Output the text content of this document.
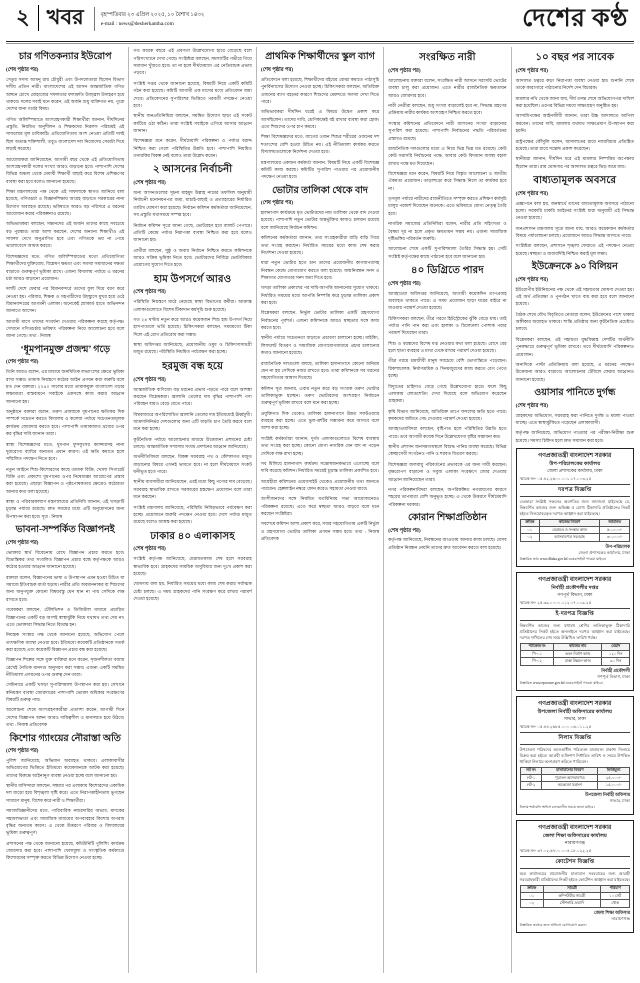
২ খবর	বৃহস্পতিবার ২৩ এপ্রিল ২০২৫, ১০ বৈশাখ ১৪৩২
e-mail : news@desherkantha.com	দেশের কণ্ঠ
চার গণিতকন্যার ইউরোপ
(শেষ পৃষ্ঠার পর)

সেতুর সদস্য আমনু রায় চৌধুরী এবং উপদলেতারা ছিলেন বিভাগ দলীয় প্রতিন নারী। বাংলাদেশের এই আসন আন্তর্জাতিক গণিত অঙ্গনে চোখে মোহাজের সফলতার ফলশ্রুতি উজ্জ্বল উদাহরণ হয়ে থাকবে। দলের সবাই মনে করেন, এই অর্জন শুধু ব্যক্তিগত নয়, পুরো দেশের জন্য গর্বের বিষয়।

গণিত অলিম্পিয়াডে অংশগ্রহণকারী শিক্ষার্থীরা জানান, দীর্ঘদিনের প্রস্তুতি, নিয়মিত অনুশীলন ও শিক্ষকদের নিরলস পরিশ্রমই এই সাফল্যের মূল চাবিকাঠি। প্রতিযোগিতায় অংশ নেওয়া প্রতিটি দলই ছিল অত্যন্ত শক্তিশালী, তবুও বাংলাদেশ দল নিজেদের সেরাটা দিয়ে লড়াই করেছে।

আয়োজকরা জানিয়েছেন, আগামী বছর থেকে এই প্রতিযোগিতায় অংশগ্রহণকারী দলের সংখ্যা আরও বাড়ানো হবে। পাশাপাশি দেশের বিভিন্ন অঞ্চল থেকে মেধাবী শিক্ষার্থী বাছাই করে বিশেষ প্রশিক্ষণের ব্যবস্থা করা হবে বলেও জানানো হয়েছে।

শিক্ষা মন্ত্রণালয়ের পক্ষ থেকে এই সাফল্যকে স্বাগত জানিয়ে বলা হয়েছে, গণিতচর্চা ও বিজ্ঞানশিক্ষায় আগ্রহ বাড়াতে সরকারের নানা উদ্যোগ অব্যাহত রয়েছে। ভবিষ্যতে আরও বড় পরিসরে এ ধরনের আয়োজন করার পরিকল্পনাও রয়েছে।

অভিভাবকরা বলছেন, সন্তানদের এই অর্জন তাদের কাছে সবচেয়ে বড় পুরস্কার। তারা আশা করছেন, দেশের অন্যান্য শিক্ষার্থীও এই সাফল্য দেখে অনুপ্রাণিত হবে এবং গণিতকে ভয় না পেয়ে ভালোবেসে আয়ত্ত করবে।

বিশেষজ্ঞদের মতে, গণিত অলিম্পিয়াডের মতো প্রতিযোগিতা শিক্ষার্থীদের যুক্তিবোধ, বিশ্লেষণ ক্ষমতা এবং সমস্যা সমাধানের দক্ষতা বাড়াতে গুরুত্বপূর্ণ ভূমিকা রাখে। এজন্য বিদ্যালয় পর্যায়ে এ ধরনের চর্চা আরও বাড়ানো প্রয়োজন।

দলটি দেশে ফেরার পর বিমানবন্দরে তাদের ফুল দিয়ে বরণ করে নেওয়া হয়। পরিবার, শিক্ষক ও সহপাঠীদের উচ্ছ্বাসে মুখর হয়ে ওঠে বিমানবন্দরের আগমনী এলাকা। অনেকেই প্ল্যাকার্ড হাতে অভিনন্দন জানাতে আসেন।

আগামী মাসে তাদের সংবর্ধনা দেওয়ার পরিকল্পনা করছে কর্তৃপক্ষ। সেখানে গণিতচর্চার ভবিষ্যৎ পরিকল্পনা নিয়ে আলোচনা হবে বলে জানা গেছে। তথ্য : নিজস্ব

‘ধূমপানমুক্ত প্রজন্ম’ গড়ে
(শেষ পৃষ্ঠার পর)

তিনি আরও বলেন, এর মাধ্যমে জনমিতিক লভ্যাংশের ক্ষেত্রে ভূমিকা রাখা সম্ভব। তামাক নিয়ন্ত্রণে কঠোর আইন প্রণয়ন করা জরুরি বলে মত দেন বক্তারা। ২০৪০ সালের মধ্যে তামাকমুক্ত বাংলাদেশ গড়ার লক্ষ্যমাত্রা বাস্তবায়নে সবাইকে একসঙ্গে কাজ করার আহ্বান জানানো হয়।

অনুষ্ঠানে বক্তারা বলেন, তরুণ প্রজন্মকে ধূমপানের ক্ষতিকর দিক সম্পর্কে সচেতন করতে বিদ্যালয় ও কলেজ পর্যায়ে সচেতনতামূলক কার্যক্রম জোরদার করতে হবে। পাশাপাশি তামাকজাত দ্রব্যের ওপর কর বৃদ্ধির দাবি জানান তারা।

স্বাস্থ্য বিশেষজ্ঞদের মতে, ধূমপান ফুসফুসের ক্যান্সারসহ নানা দুরারোগ্য ব্যাধির অন্যতম প্রধান কারণ। এই ক্ষতি কমাতে হলে সম্মিলিত পদক্ষেপ নিতে হবে।

নতুন আইনে শিশু-কিশোরদের কাছে তামাক বিক্রি, খোলা সিগারেট বিক্রি এবং প্রকাশ্যে ধূমপানের ওপর নিষেধাজ্ঞা আরোপের প্রস্তাব করা হয়েছে। এছাড়া বিজ্ঞাপন ও পৃষ্ঠপোষকতার ক্ষেত্রেও কঠোরতা আনার কথা বলা হয়েছে।

স্বাস্থ্য ও পরিবারকল্যাণ মন্ত্রণালয়ের প্রতিনিধি জানান, এই খসড়াটি চূড়ান্ত পর্যায়ে রয়েছে। দ্রুত সময়ের মধ্যে এটি অনুমোদনের জন্য উপস্থাপন করা হবে। সূত্র : নিজস্ব

ভাবনা-সম্পর্কিত বিজ্ঞাপনই
(শেষ পৃষ্ঠার পর)

ভোক্তার স্বার্থ বিবেচনায় রেখে বিজ্ঞাপন প্রচার করতে হবে। বিভ্রান্তিকর তথ্য সংবলিত বিজ্ঞাপন প্রচার বন্ধে কর্তৃপক্ষকে আরও কঠোর হওয়ার আহ্বান জানানো হয়েছে।

বক্তারা বলেন, বিজ্ঞাপনের ভাষা ও উপস্থাপন এমন হওয়া উচিত যা সমাজে ইতিবাচক বার্তা ছড়ায়। নারীর প্রতি অবমাননাকর বা শিশুদের জন্য অনুপযুক্ত কোনো বিষয়বস্তু যেন স্থান না পায় সেদিকে লক্ষ রাখতে হবে।

গবেষকরা বলছেন, টেলিভিশন ও ডিজিটাল মাধ্যমে প্রচারিত বিজ্ঞাপনের একটি বড় অংশই স্বাস্থ্যঝুঁকি নিয়ে যথাযথ তথ্য দেয় না। এতে ভোক্তারা সিদ্ধান্ত নিতে বিভ্রান্ত হন।

নিয়ন্ত্রক সংস্থার পক্ষ থেকে জানানো হয়েছে, অভিযোগ পেলে তাৎক্ষণিক ব্যবস্থা নেওয়া হবে। ইতিমধ্যে কয়েকটি প্রতিষ্ঠানকে সতর্ক করা হয়েছে এবং কয়েকটি বিজ্ঞাপন প্রচার বন্ধ করা হয়েছে।

বিজ্ঞাপন শিল্পের সঙ্গে যুক্ত ব্যক্তিরা মনে করেন, সৃজনশীলতা বজায় রেখেই নৈতিক মানদণ্ড অনুসরণ করা সম্ভব। এজন্য একটি সমন্বিত নীতিমালা প্রণয়নের ওপর গুরুত্ব দেন তারা।

সেমিনারে একটি খসড়া সুপারিশমালা উপস্থাপন করা হয়। সেখানে স্বনিয়ন্ত্রণ ব্যবস্থা জোরদারের পাশাপাশি ভোক্তা অধিকার সংরক্ষণের বিষয়টি গুরুত্ব পায়।

আলোচনা শেষে অংশগ্রহণকারীরা প্রত্যাশা করেন, আগামী দিনে দেশের বিজ্ঞাপন অঙ্গন আরও দায়িত্বশীল ও মানসম্মত হয়ে উঠবে। তথ্য : নিজস্ব প্রতিবেদক

কিশোর গ্যাংয়ের নৌরাস্তা অতি
(শেষ পৃষ্ঠার পর)

পুলিশ জানিয়েছে, অভিযান অব্যাহত থাকবে। এলাকাবাসীর অভিযোগের ভিত্তিতে ইতিমধ্যে কয়েকজনকে আটক করা হয়েছে। তাদের বিরুদ্ধে আইনানুগ ব্যবস্থা নেওয়া হচ্ছে বলে জানানো হয়।

স্থানীয় বাসিন্দারা বলছেন, সন্ধ্যার পর এলাকায় কিশোরদের একাধিক দল জড়ো হয়ে বিশৃঙ্খলা সৃষ্টি করে। এতে নিরাপত্তাহীনতায় ভুগছেন সাধারণ মানুষ, বিশেষ করে নারী ও শিক্ষার্থীরা।

সমাজবিজ্ঞানীদের মতে, পারিবারিক নজরদারির অভাব, মাদকের সহজলভ্যতা এবং সামাজিক মাধ্যমের অপব্যবহার কিশোর অপরাধ বৃদ্ধির অন্যতম কারণ। এ থেকে উত্তরণে পরিবার ও বিদ্যালয়ের ভূমিকা গুরুত্বপূর্ণ।

প্রশাসনের পক্ষ থেকে জানানো হয়েছে, কমিউনিটি পুলিশিং কার্যক্রম জোরদার করা হবে। পাশাপাশি খেলাধুলা ও সাংস্কৃতিক কর্মকাণ্ডে কিশোরদের সম্পৃক্ত করতে বিভিন্ন উদ্যোগ নেওয়া হচ্ছে।

গত কয়েক বছরে এই প্রবণতা উল্লেখযোগ্য হারে বেড়েছে বলে পরিসংখ্যানে দেখা গেছে। সংশ্লিষ্টরা বলছেন, সমস্যাটির গভীরে গিয়ে সমাধান খুঁজতে হবে। তা না হলে দীর্ঘমেয়াদে এর নেতিবাচক প্রভাব পড়বে।

সংশ্লিষ্ট দপ্তর থেকে জানানো হয়েছে, বিষয়টি নিয়ে একটি কমিটি গঠন করা হয়েছে। কমিটি আগামী এক মাসের মধ্যে প্রতিবেদন জমা দেবে। প্রতিবেদনের সুপারিশের ভিত্তিতে পরবর্তী পদক্ষেপ নেওয়া হবে।

স্থানীয় জনপ্রতিনিধিরা বলছেন, সমন্বিত উদ্যোগ ছাড়া এই সংকট কাটিয়ে ওঠা কঠিন। তারা সংশ্লিষ্ট সবাইকে এগিয়ে আসার আহ্বান জানান।

বিশেষজ্ঞরা মনে করেন, দীর্ঘমেয়াদি পরিকল্পনা ও পর্যাপ্ত বরাদ্দ নিশ্চিত করা গেলে পরিস্থিতির উন্নতি হবে। পাশাপাশি নিয়মিত তদারকির বিকল্প নেই বলেও তারা উল্লেখ করেন।

২ আসনের নির্বাচনী
(শেষ পৃষ্ঠার পর)

অন্য আসনগুলোর সূচনা মাহমুদ উল্লাহ নামের তফসিল অনুযায়ী নির্বাচনী মনোনয়নপত্র জমা, যাচাই-বাছাই ও প্রত্যাহারের নির্ধারিত তারিখ ঘোষণা করা হয়েছে। নির্বাচন কমিশন কর্মকর্তারা জানিয়েছেন, সব প্রস্তুতি যথাসময়ে সম্পন্ন হবে।

নির্বাচন কমিশন সূত্রে জানা গেছে, ভোটগ্রহণ হবে ব্যালট পেপারে। প্রতিটি কেন্দ্রে পর্যাপ্ত নিরাপত্তা ব্যবস্থা নিশ্চিত করা হবে বলেও জানানো হয়।

প্রার্থীরা বলছেন, সুষ্ঠু ও অবাধ নির্বাচন নিশ্চিত করতে কমিশনকে আরও সক্রিয় ভূমিকা নিতে হবে। ভোটারদের নির্বিঘ্নে ভোটাধিকার প্রয়োগের সুযোগ দিতে হবে।

হাম উপসর্গে আরও
(শেষ পৃষ্ঠার পর)

পরিস্থিতি নিয়ন্ত্রণে মাঠে নেমেছে স্বাস্থ্য বিভাগের কর্মীরা। আক্রান্ত এলাকাগুলোতে বিশেষ টিকাদান কর্মসূচি শুরু হয়েছে।

গত ২৪ ঘণ্টায় নতুন করে আরও কয়েকজন শিশু হাম উপসর্গ নিয়ে হাসপাতালে ভর্তি হয়েছে। চিকিৎসকরা বলছেন, সময়মতো টিকা দিলে এই রোগ প্রতিরোধ করা সম্ভব।

স্বাস্থ্য অধিদপ্তর জানিয়েছে, প্রয়োজনীয় ওষুধ ও চিকিৎসাসামগ্রী মজুত রয়েছে। পরিস্থিতি নিয়মিত পর্যবেক্ষণ করা হচ্ছে।

হরমুজ বন্ধ হয়ে
(শেষ পৃষ্ঠার পর)

আন্তর্জাতিক বাণিজ্যে বড় ধরনের প্রভাব পড়তে পারে বলে আশঙ্কা করছেন বিশ্লেষকরা। জ্বালানি তেলের দাম বৃদ্ধির পাশাপাশি পণ্য পরিবহন ব্যয়ও বেড়ে যেতে পারে।

বিশ্ববাজারে অপরিশোধিত জ্বালানি তেলের দাম ইতিমধ্যেই ঊর্ধ্বমুখী। আমদানিনির্ভর দেশগুলোর জন্য এটি বাড়তি চাপ তৈরি করবে বলে মনে করা হচ্ছে।

কূটনৈতিক পর্যায়ে আলোচনার মাধ্যমে উত্তেজনা প্রশমনের চেষ্টা চলছে। আন্তর্জাতিক সম্প্রদায় সংযম প্রদর্শনের আহ্বান জানিয়েছে।

অর্থনীতিবিদরা বলছেন, বিকল্প সরবরাহ পথ ও কৌশলগত মজুত বাড়ানোর বিষয়ে এখনই ভাবতে হবে। না হলে দীর্ঘমেয়াদে সংকট ঘনীভূত হতে পারে।

স্থানীয় ব্যবসায়ীরা জানিয়েছেন, এরই মধ্যে কিছু পণ্যের দাম বেড়েছে। সরবরাহ স্বাভাবিক রাখতে সরকারের হস্তক্ষেপ প্রয়োজন বলে তারা মনে করছেন।

সংশ্লিষ্ট মন্ত্রণালয় জানিয়েছে, পরিস্থিতি নিবিড়ভাবে পর্যবেক্ষণ করা হচ্ছে। প্রয়োজনে জরুরি পদক্ষেপ নেওয়া হবে। দেশে পর্যাপ্ত মজুত রয়েছে বলেও আশ্বস্ত করা হয়েছে।

ঢাকার ৪০ এলাকাসহ
(শেষ পৃষ্ঠার পর)

সংশ্লিষ্ট কর্তৃপক্ষ জানিয়েছে, মেরামতকাজ শেষ হলে সরবরাহ স্বাভাবিক হবে। গ্রাহকদের সাময়িক অসুবিধার জন্য দুঃখ প্রকাশ করা হয়েছে।

ঘোষণায় বলা হয়, নির্ধারিত সময়ের মধ্যে কাজ শেষ করার সর্বাত্মক চেষ্টা চলছে। এ সময় গ্রাহকদের পানি সংরক্ষণ করে রাখার পরামর্শ দেওয়া হয়েছে।

প্রাথমিক শিক্ষার্থীদের স্কুল ব্যাগ
(শেষ পৃষ্ঠার পর)

প্রতিবেদনে বলা হয়েছে, শিক্ষার্থীদের বইয়ের বোঝা কমাতে পাঠ্যসূচি পুনর্বিন্যাসের উদ্যোগ নেওয়া হচ্ছে। চিকিৎসকরা বলছেন, অতিরিক্ত ওজনের ব্যাগ বহনের কারণে শিশুদের মেরুদণ্ডে সমস্যা দেখা দিতে পারে।

অভিভাবকরা দীর্ঘদিন ধরেই এ বিষয়ে উদ্বেগ প্রকাশ করে আসছিলেন। তাদের দাবি, শ্রেণিকক্ষেই বই রাখার ব্যবস্থা করা হোক। এতে শিশুদের ওপর চাপ কমবে।

শিক্ষা বিশেষজ্ঞদের মতে, ব্যাগের ওজন শিশুর শরীরের ওজনের দশ শতাংশের বেশি হওয়া উচিত নয়। এই নীতিমালা কার্যকর করতে বিদ্যালয়গুলোকে নির্দেশনা দেওয়া হবে।

মন্ত্রণালয়ের একজন কর্মকর্তা জানান, বিষয়টি নিয়ে একটি বিশেষজ্ঞ কমিটি কাজ করছে। কমিটির সুপারিশ পাওয়ার পর প্রয়োজনীয় পদক্ষেপ নেওয়া হবে।

ভোটার তালিকা থেকে বাদ
(শেষ পৃষ্ঠার পর)

হালনাগাদ কার্যক্রমে মৃত ভোটারদের নাম তালিকা থেকে বাদ দেওয়া হয়েছে। পাশাপাশি নতুন ভোটার অন্তর্ভুক্তির কাজও চলমান রয়েছে বলে জানিয়েছে নির্বাচন কমিশন।

কমিশনের কর্মকর্তারা জানান, তথ্য সংগ্রহকারীরা বাড়ি বাড়ি গিয়ে তথ্য সংগ্রহ করছেন। নির্ধারিত সময়ের মধ্যে কাজ শেষ করার নির্দেশনা দেওয়া হয়েছে।

যারা নতুন ভোটার হতে চান তাদের প্রয়োজনীয় কাগজপত্রসহ নিবন্ধন কেন্দ্রে যোগাযোগ করতে বলা হয়েছে। জন্মনিবন্ধন সনদ ও শিক্ষাগত যোগ্যতার সনদ জমা দিতে হবে।

খসড়া তালিকা প্রকাশের পর দাবি-আপত্তি জানানোর সুযোগ থাকবে। নির্ধারিত সময়ের মধ্যে আপত্তি নিষ্পত্তি করে চূড়ান্ত তালিকা প্রকাশ করা হবে।

বিশ্লেষকরা বলছেন, নির্ভুল ভোটার তালিকা একটি গ্রহণযোগ্য নির্বাচনের পূর্বশর্ত। এজন্য কমিশনকে আরও স্বচ্ছতার সঙ্গে কাজ করতে হবে।

স্থানীয় পর্যায়ে সচেতনতা বাড়াতে প্রচারণা চালানো হচ্ছে। মাইকিং, লিফলেট বিতরণ ও সামাজিক যোগাযোগমাধ্যমে প্রচার চালানোর কথাও জানানো হয়েছে।

রাজনৈতিক দলগুলো বলছে, তালিকা হালনাগাদে কোনো অনিয়ম যেন না হয় সেদিকে নজর রাখতে হবে। তারা কমিশনকে সব ধরনের সহযোগিতার আশ্বাস দিয়েছে।

কমিশন সূত্র জানায়, এবার নতুন করে বড় সংখ্যক তরুণ ভোটার তালিকাভুক্ত হচ্ছেন। তরুণ ভোটারদের অংশগ্রহণ নির্বাচনে গুরুত্বপূর্ণ ভূমিকা রাখবে বলে মনে করা হচ্ছে।

প্রযুক্তিগত দিক থেকেও তালিকা হালনাগাদে উন্নত সফটওয়্যার ব্যবহার করা হচ্ছে। এতে ভুল-ত্রুটির সম্ভাবনা কমে আসবে বলে আশা করা হচ্ছে।

সংশ্লিষ্ট কর্মকর্তারা জানান, দুর্গম এলাকাগুলোতে বিশেষ ব্যবস্থায় তথ্য সংগ্রহ করা হচ্ছে। কোনো যোগ্য নাগরিক যেন বাদ না পড়েন সেদিকে লক্ষ রাখা হচ্ছে।

সব মিলিয়ে হালনাগাদ কার্যক্রম সন্তোষজনকভাবে এগোচ্ছে বলে দাবি করেছে কমিশন। নির্ধারিত সময়েই চূড়ান্ত তালিকা প্রকাশিত হবে।

আগ্রহীরা কমিশনের ওয়েবসাইট থেকেও প্রয়োজনীয় তথ্য জানতে পারবেন। হেল্পলাইন নম্বরে ফোন করেও সহায়তা নেওয়া যাবে।

অংশীজনদের সঙ্গে নিয়মিত মতবিনিময় সভা আয়োজনেরও পরিকল্পনা রয়েছে। এতে করে স্বচ্ছতা আরও বাড়বে বলে মনে করছেন সংশ্লিষ্টরা।

সবশেষে কমিশন আশা প্রকাশ করে, সবার সহযোগিতায় একটি নির্ভুল ও গ্রহণযোগ্য ভোটার তালিকা প্রণয়ন সম্ভব হবে। তথ্য : নিজস্ব প্রতিবেদক

সংরক্ষিত নারী
(শেষ পৃষ্ঠার পর)

আলোচনায় বক্তারা বলেন, সংরক্ষিত নারী আসনে সরাসরি ভোটের ব্যবস্থা চালু করা প্রয়োজন। এতে নারীর রাজনৈতিক ক্ষমতায়ন আরও জোরদার হবে।

নারী নেত্রীরা বলছেন, শুধু সংখ্যা বাড়ালেই হবে না, সিদ্ধান্ত গ্রহণের প্রক্রিয়ায় নারীর কার্যকর অংশগ্রহণ নিশ্চিত করতে হবে।

সংস্কার কমিশনের প্রতিবেদনে নারী আসনের সংখ্যা বাড়ানোর সুপারিশ করা হয়েছে। পাশাপাশি নির্বাচনের পদ্ধতি পরিবর্তনের প্রস্তাবও রয়েছে।

রাজনৈতিক দলগুলোর মধ্যে এ নিয়ে ভিন্ন ভিন্ন মত রয়েছে। কেউ কেউ সরাসরি নির্বাচনের পক্ষে, আবার কেউ বিদ্যমান ব্যবস্থা বহাল রাখার পক্ষে মত দিয়েছেন।

বিশেষজ্ঞরা মনে করেন, বিষয়টি নিয়ে বিস্তৃত আলোচনা ও জাতীয় ঐকমত্য প্রয়োজন। তাড়াহুড়ো করে সিদ্ধান্ত নিলে তা কার্যকর হবে না।

তৃণমূল পর্যায়ে নারীদের রাজনীতিতে সম্পৃক্ত করতে প্রশিক্ষণ কর্মসূচি চালুর পরামর্শ দিয়েছেন অনেকে। এতে ভবিষ্যতে যোগ্য নেতৃত্ব তৈরি হবে।

নাগরিক সমাজের প্রতিনিধিরা বলেন, নারীর প্রতি সহিংসতা ও বৈষম্য দূর না হলে প্রকৃত ক্ষমতায়ন সম্ভব নয়। এজন্য সামাজিক দৃষ্টিভঙ্গির পরিবর্তন জরুরি।

আলোচনা শেষে একটি সুপারিশমালা তৈরির সিদ্ধান্ত হয়। সেটি সংশ্লিষ্ট কর্তৃপক্ষের কাছে পাঠানো হবে বলে জানানো হয়।

৪০ ডিগ্রিতে পারদ
(শেষ পৃষ্ঠার পর)

আবহাওয়া অধিদপ্তর জানিয়েছে, আগামী কয়েকদিন তাপপ্রবাহ অব্যাহত থাকতে পারে। এ সময় প্রয়োজন ছাড়া ঘরের বাইরে না যাওয়ার পরামর্শ দেওয়া হয়েছে।

চিকিৎসকরা বলছেন, তীব্র গরমে হিটস্ট্রোকের ঝুঁকি বেড়ে যায়। তাই পর্যাপ্ত পানি পান করা এবং হালকা ও ঢিলেঢালা পোশাক পরার পরামর্শ দিয়েছেন তারা।

শিশু ও বয়স্কদের বিশেষ যত্ন নেওয়ার কথা বলা হয়েছে। রোদে বের হলে ছাতা ব্যবহার ও মাথা ঢেকে রাখার পরামর্শ দেওয়া হয়েছে।

তীব্র গরমে শ্রমজীবী মানুষ সবচেয়ে বেশি ভোগান্তিতে পড়েছেন। রিকশাচালক, নির্মাণশ্রমিক ও দিনমজুরদের কাজ করতে বেগ পেতে হচ্ছে।

বিদ্যুতের চাহিদাও বেড়ে গেছে উল্লেখযোগ্য হারে। ফলে কিছু এলাকায় লোডশেডিং দেখা দিয়েছে বলে অভিযোগ করেছেন গ্রাহকরা।

কৃষি বিভাগ জানিয়েছে, অতিরিক্ত তাপে ফসলের ক্ষতি হতে পারে। কৃষকদের জমিতে সেচ দেওয়ার পরামর্শ দেওয়া হয়েছে।

আবহাওয়াবিদরা বলছেন, বৃষ্টিপাত হলে পরিস্থিতির উন্নতি হতে পারে। তবে আগামী কয়েক দিনে উল্লেখযোগ্য বৃষ্টির সম্ভাবনা কম।

স্থানীয় প্রশাসন জনসমাগমস্থলে বিশুদ্ধ পানির ব্যবস্থা করেছে। বিভিন্ন স্বেচ্ছাসেবী সংগঠনও পানি ও শরবত বিতরণ করছে।

বিশেষজ্ঞরা জলবায়ু পরিবর্তনের প্রভাবকে এর জন্য দায়ী করছেন। বৃক্ষরোপণ বাড়ানো ও সবুজ এলাকা সংরক্ষণে জোর দেওয়ার আহ্বান জানিয়েছেন তারা।

নগর পরিকল্পনাবিদরা বলছেন, অপরিকল্পিত নগরায়ণের কারণে শহরের তাপমাত্রা বেশি অনুভূত হচ্ছে। এ থেকে উত্তরণে দীর্ঘমেয়াদি পরিকল্পনা দরকার।

কোরান শিক্ষাপ্রতিষ্ঠান
(শেষ পৃষ্ঠার পর)

কর্তৃপক্ষ জানিয়েছে, নিবন্ধনের আওতায় আনার কাজ চলছে। যেসব প্রতিষ্ঠান নিবন্ধন নেয়নি তাদের দ্রুত আবেদন করতে বলা হয়েছে।

১০ বছর পর সাবেক
(শেষ পৃষ্ঠার পর)

আদালত চত্বরে কড়া নিরাপত্তা ব্যবস্থা নেওয়া হয়। শুনানি শেষে তাকে কারাগারে পাঠানোর নির্দেশ দেন বিচারক।

মামলার নথি থেকে জানা যায়, দীর্ঘ তদন্ত শেষে অভিযোগপত্র দাখিল করা হয়েছিল। এরপর বিভিন্ন সময়ে সাক্ষ্যগ্রহণ অনুষ্ঠিত হয়।

আসামিপক্ষের আইনজীবী জানান, তারা উচ্চ আদালতে আপিল করবেন। তাদের দাবি, মামলায় যথাযথ সাক্ষ্যপ্রমাণ উপস্থাপন করা হয়নি।

রাষ্ট্রপক্ষের কৌঁসুলি বলেন, আদালতের রায়ে ন্যায়বিচার প্রতিষ্ঠিত হয়েছে। তারা রায়ে সন্তোষ প্রকাশ করেছেন।

স্থানীয়রা জানান, দীর্ঘদিন ধরে এই মামলার নিষ্পত্তির অপেক্ষায় ছিলেন তারা। রায় ঘোষণার পর আদালত চত্বরে ভিড় জমে যায়।

বাধ্যতামূলক অবসরে
(শেষ পৃষ্ঠার পর)

প্রজ্ঞাপনে বলা হয়, জনস্বার্থে তাদের বাধ্যতামূলক অবসরে পাঠানো হলো। সরকারি চাকরি আইনের সংশ্লিষ্ট ধারা অনুযায়ী এই সিদ্ধান্ত নেওয়া হয়েছে।

জনপ্রশাসন মন্ত্রণালয় সূত্রে জানা যায়, আরও কয়েকজন কর্মকর্তার বিষয়ে পর্যালোচনা চলছে। প্রয়োজনে আরও সিদ্ধান্ত আসতে পারে।

সংশ্লিষ্টরা বলছেন, প্রশাসনে শৃঙ্খলা ফেরাতে এই পদক্ষেপ নেওয়া হয়েছে। স্বচ্ছতা ও জবাবদিহি নিশ্চিত করাই মূল লক্ষ্য।

ইউক্রেনকে ৯০ বিলিয়ন
(শেষ পৃষ্ঠার পর)

ইউরোপীয় ইউনিয়নের পক্ষ থেকে এই সহায়তার ঘোষণা দেওয়া হয়। এই অর্থ প্রতিরক্ষা ও পুনর্গঠন খাতে ব্যয় করা হবে বলে জানানো হয়েছে।

বৈঠক শেষে যৌথ বিবৃতিতে নেতারা বলেন, ইউক্রেনের পাশে থাকার অঙ্গীকার অব্যাহত থাকবে। শান্তি প্রতিষ্ঠার জন্য কূটনৈতিক প্রচেষ্টাও চলবে।

বিশ্লেষকরা বলছেন, এই সহায়তা যুদ্ধবিধ্বস্ত দেশটির অর্থনীতি পুনরুদ্ধারে গুরুত্বপূর্ণ ভূমিকা রাখবে। তবে দীর্ঘমেয়াদি পরিকল্পনাও প্রয়োজন।

অন্যদিকে পাল্টা প্রতিক্রিয়ায় বলা হয়েছে, এ ধরনের পদক্ষেপ উত্তেজনা আরও বাড়াবে। আলোচনার টেবিলে ফেরার আহ্বানও জানানো হয়েছে।

ওয়াসার পানিতে দুর্গন্ধ
(শেষ পৃষ্ঠার পর)

গ্রাহকদের অভিযোগ, সরবরাহ করা পানিতে দুর্গন্ধ ও ময়লা পাওয়া যাচ্ছে। এতে স্বাস্থ্যঝুঁকিতে পড়েছেন এলাকাবাসী।

কর্তৃপক্ষ জানিয়েছে, অভিযোগ পাওয়ার পর পরীক্ষা-নিরীক্ষা শুরু হয়েছে। সমস্যা চিহ্নিত হলে দ্রুত সমাধান করা হবে।

গণপ্রজাতন্ত্রী বাংলাদেশ সরকার
উপ-পরিচালকের কার্যালয়
জেলা প্রশাসকের কার্যালয়, ঢাকা
স্মারক নং- ০৫.৪২.২৬০০.০০১.১৭.০০৩.২৫
দরপত্র বিজ্ঞপ্তি
এতদ্বারা সংশ্লিষ্ট সকলের অবগতির জন্য জানানো যাইতেছে যে, নিম্নবর্ণিত কাজের জন্য অভিজ্ঞ ও যোগ্য ঠিকাদারি প্রতিষ্ঠানের নিকট হইতে সিলমোহরকৃত দরপত্র আহ্বান করা যাইতেছে।
ক্রমিক	কাজের বিবরণ	জামানত
০১	মেরামত ও সংস্কার কাজ	৫০,০০০/-
০২	আসবাবপত্র সরবরাহ	৩০,০০০/-
উপ-পরিচালক
জেলা প্রশাসকের কার্যালয়, ঢাকা
বিস্তারিত তথ্য www.dhaka.gov.bd ওয়েবসাইটে পাওয়া যাইবে।
গণপ্রজাতন্ত্রী বাংলাদেশ সরকার
নির্বাহী প্রকৌশলীর দপ্তর
গণপূর্ত বিভাগ, ঢাকা
স্মারক নং- ২৫.৩৯.০০০০.০১২.০৭.০০৯.২৫
ই-দরপত্র বিজ্ঞপ্তি
নিম্নবর্ণিত কাজের জন্য যথাযথ শ্রেণির তালিকাভুক্ত ঠিকাদারি প্রতিষ্ঠানের নিকট হইতে অনলাইনে দরপত্র আহ্বান করা যাইতেছে। দরপত্র দাখিলের শেষ সময় উল্লিখিত তারিখ পর্যন্ত।
প্যাকেজ নং	কাজের নাম	মেয়াদ
পি-০১	ভবন নির্মাণ কাজ	১২০ দিন
পি-০২	রাস্তা উন্নয়ন কাজ	৯০ দিন
নির্বাহী প্রকৌশলী
গণপূর্ত বিভাগ, ঢাকা
বিস্তারিত www.eprocure.gov.bd ওয়েবসাইটে পাওয়া যাইবে।
গণপ্রজাতন্ত্রী বাংলাদেশ সরকার
উপজেলা নির্বাহী অফিসারের কার্যালয়
সাভার, ঢাকা
স্মারক নং- ০৫.৪৪.২৬৮৫.০০০.০৬.০১১.২৫
নিলাম বিজ্ঞপ্তি
উপজেলা পরিষদের আওতাধীন পরিত্যক্ত মালামাল প্রকাশ্য নিলামে বিক্রয় করা হইবে। আগ্রহী ব্যক্তিগণ নির্ধারিত তারিখ ও সময়ে উপস্থিত থাকিয়া নিলামে অংশগ্রহণ করিতে পারিবেন।
লট নং	মালামালের বিবরণ	ভিত্তিমূল্য
লট-১	পুরাতন আসবাবপত্র	২৫,০০০/-
লট-২	অকেজো যন্ত্রাংশ	১৫,০০০/-
উপজেলা নির্বাহী অফিসার
সাভার, ঢাকা
নিলাম শর্তাবলি অফিস চলাকালীন সময়ে জানা যাইবে।
গণপ্রজাতন্ত্রী বাংলাদেশ সরকার
জেলা শিক্ষা অফিসারের কার্যালয়
নারায়ণগঞ্জ
স্মারক নং- ৩৭.০২.৬৭০০.০০৪.১৮.০২২.২৫
কোটেশন বিজ্ঞপ্তি
অত্র কার্যালয়ের প্রয়োজনীয় মালামাল সরবরাহের জন্য আগ্রহী সরবরাহকারী প্রতিষ্ঠানের নিকট হইতে কোটেশন আহ্বান করা যাইতেছে।
ক্রমিক	সামগ্রী	পরিমাণ
০১	কম্পিউটার সামগ্রী	১০ সেট
০২	স্টেশনারি দ্রব্যাদি	থোক
জেলা শিক্ষা অফিসার
নারায়ণগঞ্জ
বিস্তারিত তথ্যের জন্য অফিসে যোগাযোগ করুন।
